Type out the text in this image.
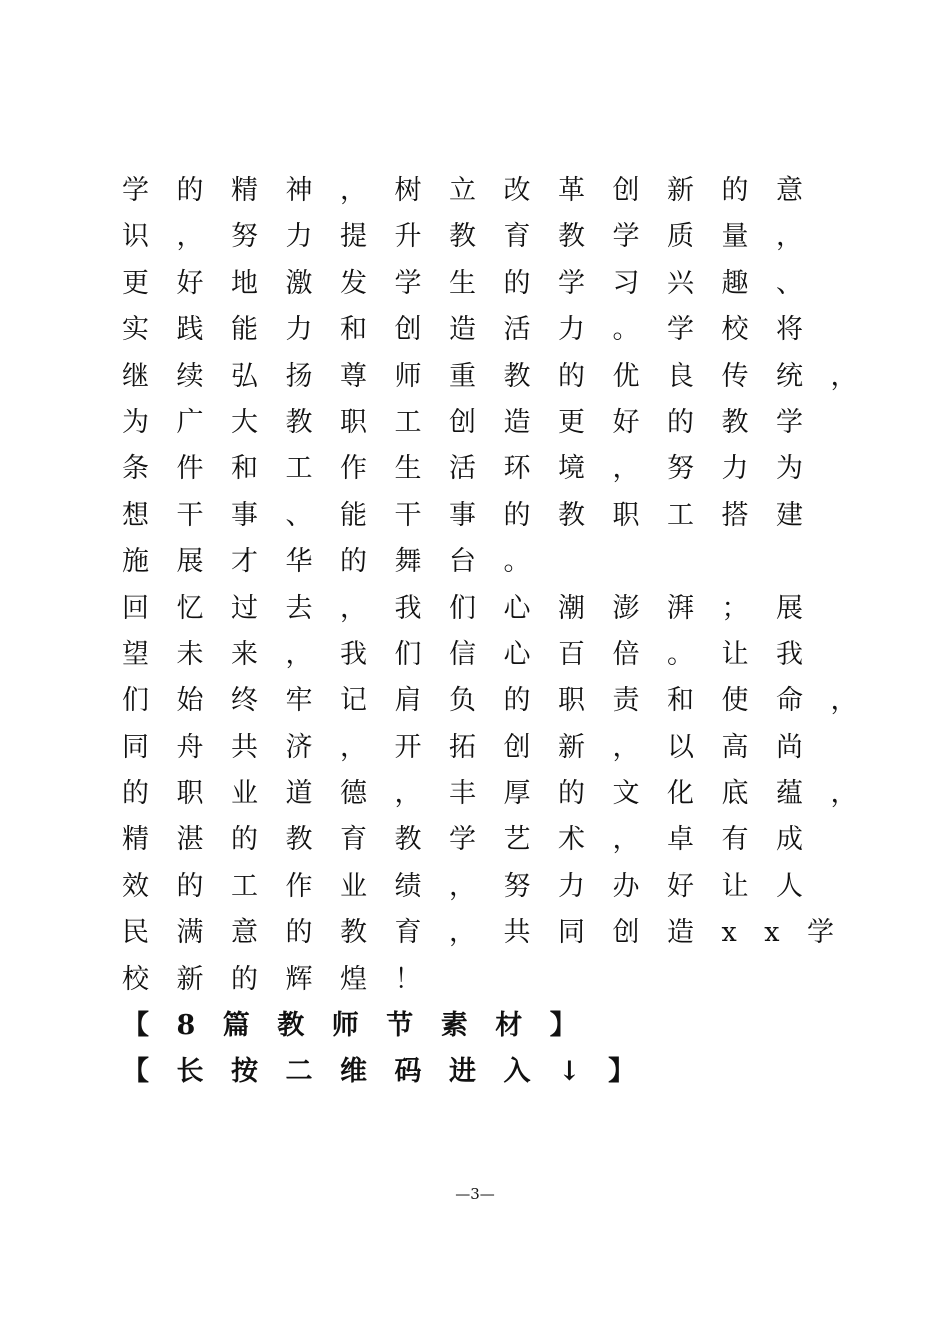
学的精神，树立改革创新的意
识，努力提升教育教学质量，
更好地激发学生的学习兴趣、
实践能力和创造活力。学校将
继续弘扬尊师重教的优良传统，
为广大教职工创造更好的教学
条件和工作生活环境，努力为
想干事、能干事的教职工搭建
施展才华的舞台。
回忆过去，我们心潮澎湃；展
望未来，我们信心百倍。让我
们始终牢记肩负的职责和使命，
同舟共济，开拓创新，以高尚
的职业道德，丰厚的文化底蕴，
精湛的教育教学艺术，卓有成
效的工作业绩，努力办好让人
民满意的教育，共同创造xx学
校新的辉煌！
【8篇教师节素材】
【长按二维码进入↓】
—3—
